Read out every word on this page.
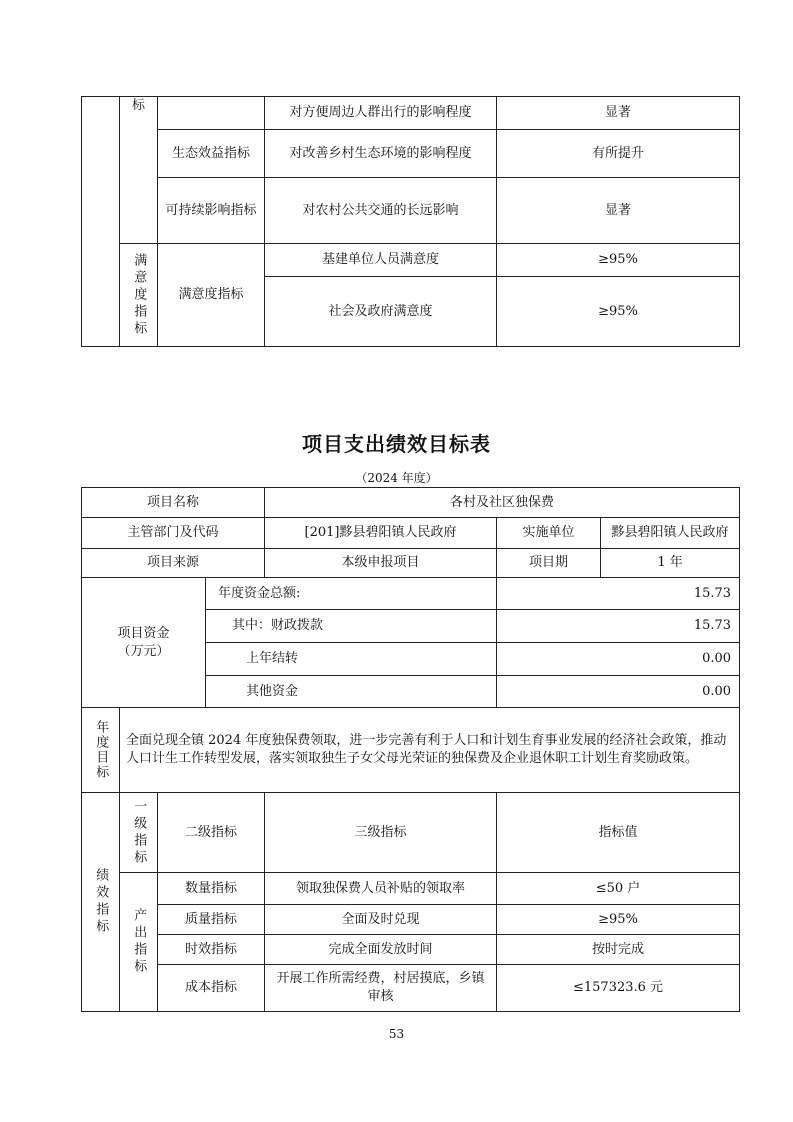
	标		对方便周边人群出行的影响程度	显著
		生态效益指标	对改善乡村生态环境的影响程度	有所提升
		可持续影响指标	对农村公共交通的长远影响	显著

	满意度指标	满意度指标	基建单位人员满意度	≥95%
			社会及政府满意度	≥95%
项目支出绩效目标表
（2024 年度）
项目名称				各村及社区独保费		
主管部门及代码				[201]黟县碧阳镇人民政府	实施单位	黟县碧阳镇人民政府
项目来源				本级申报项目	项目期	1 年

项目资金
（万元）			年度资金总额:		15.73	
			其中：财政拨款		15.73	
			上年结转		0.00	
			其他资金		0.00	

年度目标	全面兑现全镇 2024 年度独保费领取，进一步完善有利于人口和计划生育事业发展的经济社会政策，推动人口计生工作转型发展，落实领取独生子女父母光荣证的独保费及企业退休职工计划生育奖励政策。					

绩效指标	一级指标	二级指标		三级指标	指标值	

	产出指标	数量指标		领取独保费人员补贴的领取率	≤50 户	
		质量指标		全面及时兑现	≥95%	
		时效指标		完成全面发放时间	按时完成	
		成本指标		开展工作所需经费，村居摸底，乡镇审核	≤157323.6 元	
53
